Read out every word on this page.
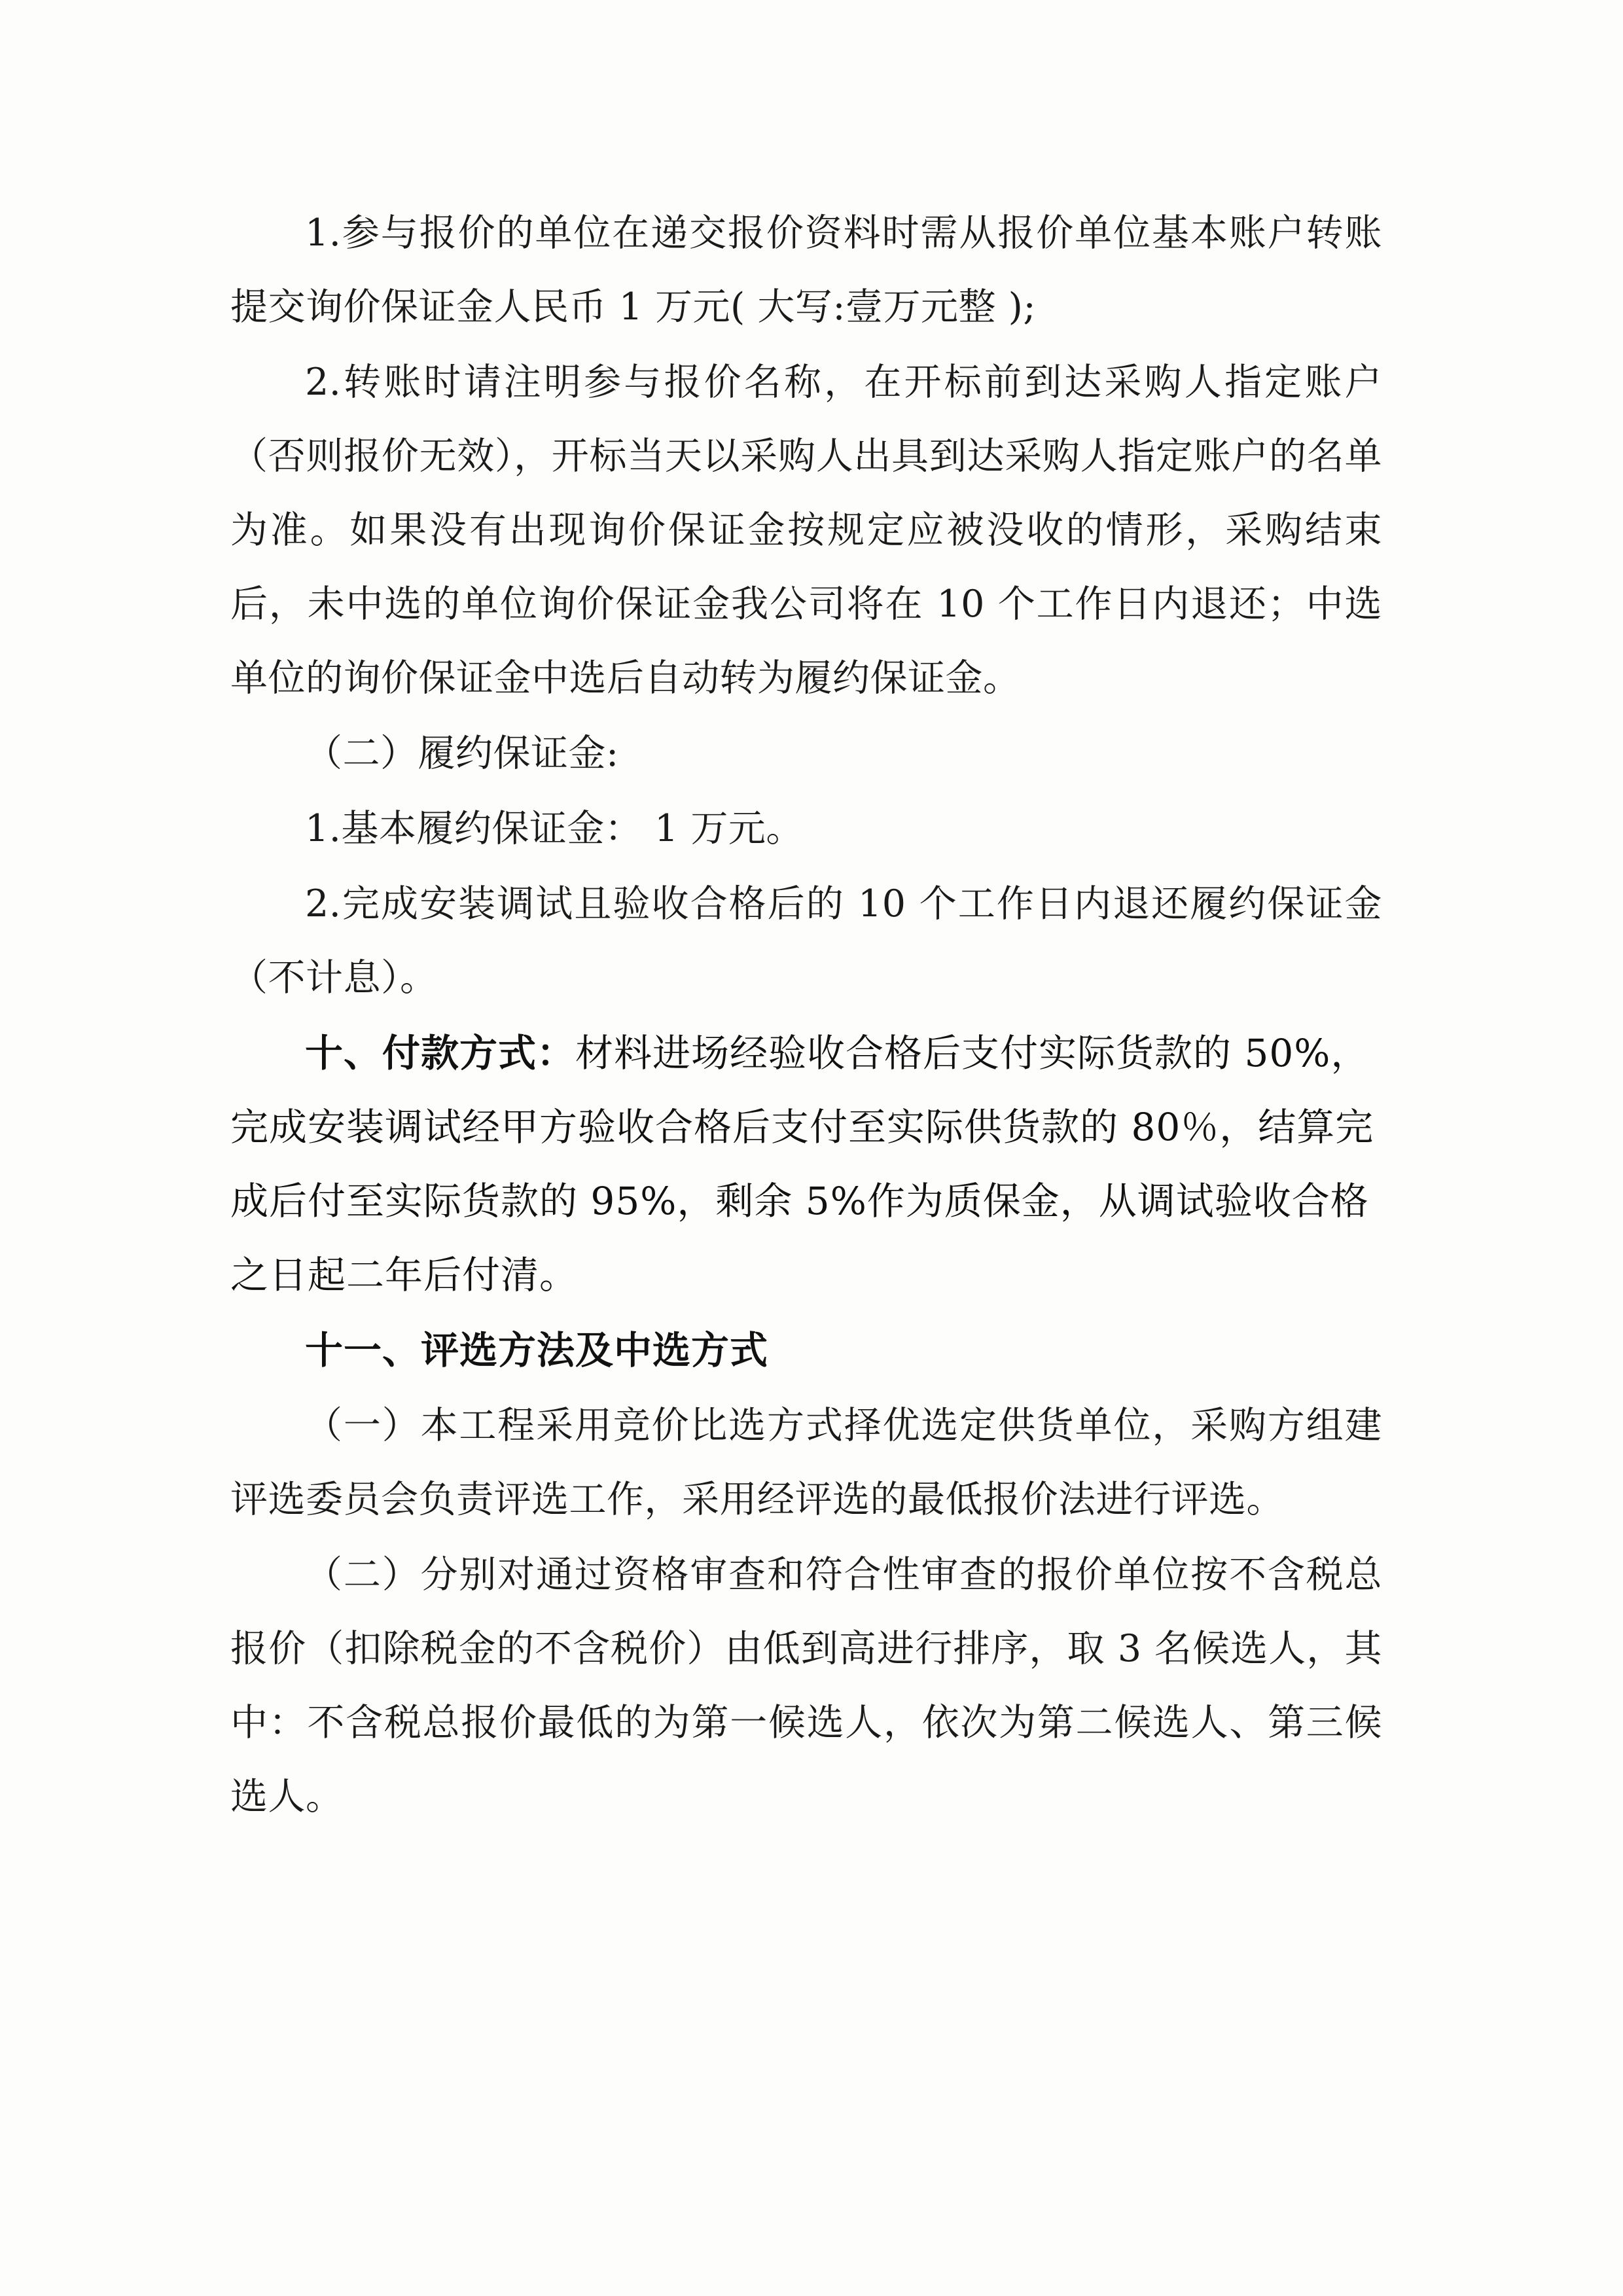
1.参与报价的单位在递交报价资料时需从报价单位基本账户转账提交询价保证金人民币 1 万元( 大写:壹万元整 );

2.转账时请注明参与报价名称，在开标前到达采购人指定账户（否则报价无效），开标当天以采购人出具到达采购人指定账户的名单为准。如果没有出现询价保证金按规定应被没收的情形，采购结束后，未中选的单位询价保证金我公司将在 10 个工作日内退还；中选单位的询价保证金中选后自动转为履约保证金。

（二）履约保证金:

1.基本履约保证金： 1 万元。

2.完成安装调试且验收合格后的 10 个工作日内退还履约保证金（不计息）。

十、付款方式：材料进场经验收合格后支付实际货款的 50%，完成安装调试经甲方验收合格后支付至实际供货款的 80％，结算完成后付至实际货款的 95%，剩余 5%作为质保金，从调试验收合格之日起二年后付清。

十一、评选方法及中选方式

（一）本工程采用竞价比选方式择优选定供货单位，采购方组建评选委员会负责评选工作，采用经评选的最低报价法进行评选。

（二）分别对通过资格审查和符合性审查的报价单位按不含税总报价（扣除税金的不含税价）由低到高进行排序，取 3 名候选人，其中：不含税总报价最低的为第一候选人，依次为第二候选人、第三候选人。
